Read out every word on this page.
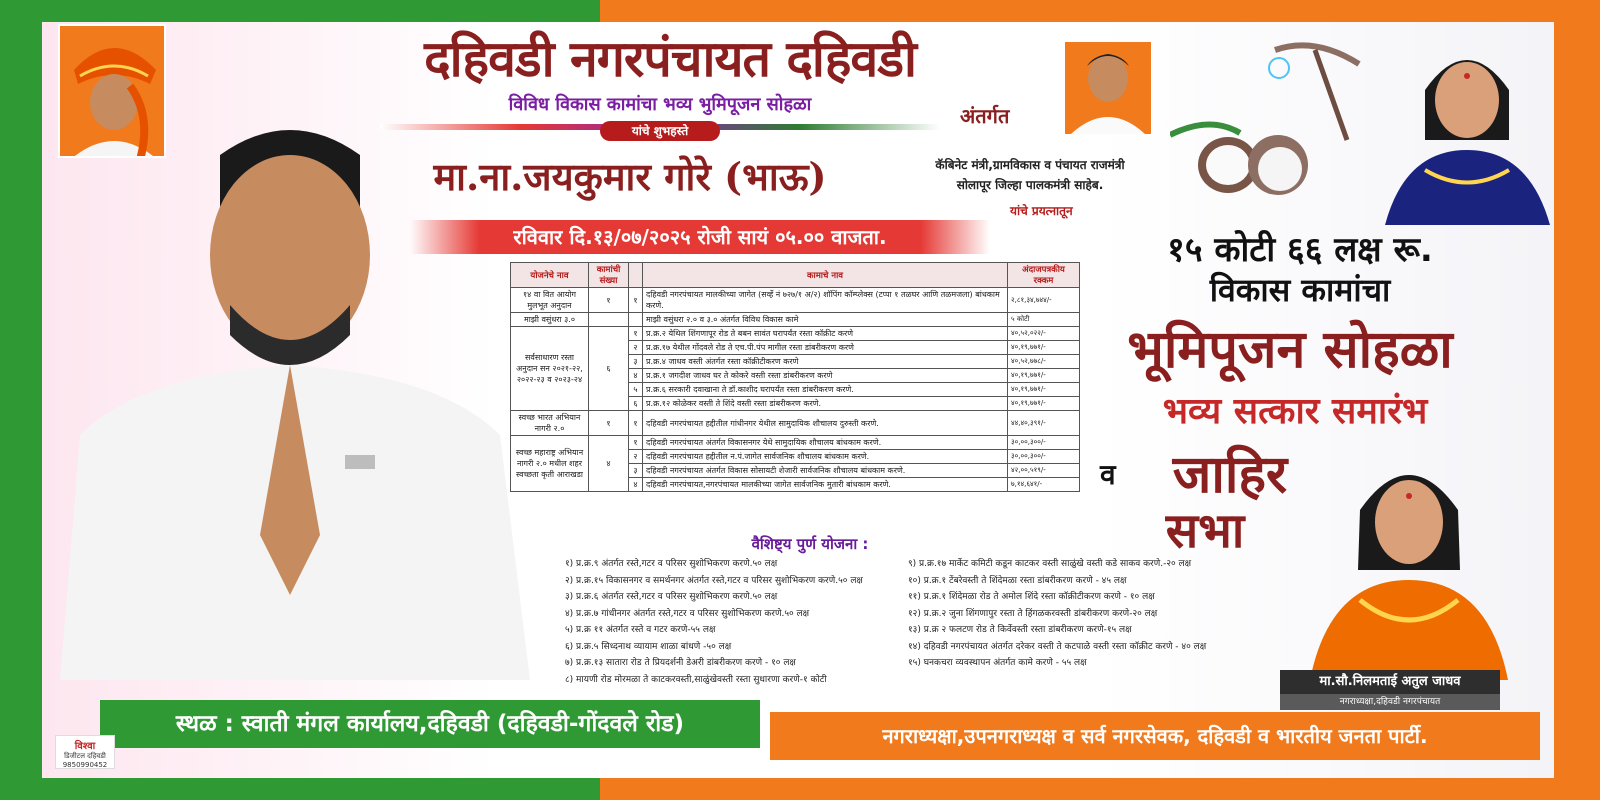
दहिवडी नगरपंचायत दहिवडी
विविध विकास कामांचा भव्य भुमिपूजन सोहळा	अंतर्गत
यांचे शुभहस्ते
मा.ना.जयकुमार गोरे (भाऊ)	कॅबिनेट मंत्री,ग्रामविकास व पंचायत राजमंत्री
सोलापूर जिल्हा पालकमंत्री साहेब.
यांचे प्रयत्नातून
रविवार दि.१३/०७/२०२५ रोजी सायं ०५.०० वाजता.
योजनेचे नाव	कामांची संख्या		कामाचे नाव	अंदाजपत्रकीय रक्कम
१४ वा वित आयोग मुलभूत अनुदान	१	१	दहिवडी नगरपंचायत मालकीच्या जागेत (सर्व्हे नं ७२७/१ अ/२) शॉपिंग कॉम्प्लेक्स (टप्पा १ तळघर आणि तळमजला) बांधकाम करणे.	२,८१,३४,७४४/-
माझी वसुंधरा ३.०			माझी वसुंधरा २.० व ३.० अंतर्गत विविध विकास कामे	५ कोटी
सर्वसाधारण रस्ता अनुदान सन २०२१-२२, २०२२-२३ व २०२३-२४	६	१	प्र.क्र.२ येथिल शिंगणापूर रोड ते बबन सावंत घरापर्यंत रस्ता कॉक्रीट करणे	४०,५२,०२२/-
		२	प्र.क्र.१७ येथील गोंदवले रोड ते एच.पी.पंप मागील रस्ता डांबरीकरण करणे	४०,१९,७७१/-
		३	प्र.क्र.४ जाधव वस्ती अंतर्गत रस्ता कॉक्रीटीकरण करणे	४०,५२,७७८/-
		४	प्र.क्र.१ जगदीश जाधव घर ते कोकरे वस्ती रस्ता डांबरीकरण करणे	४०,१९,७७१/-
		५	प्र.क्र.६ सरकारी दवाखाना ते डॉ.काशीद घरापर्यंत रस्ता डांबरीकरण करणे.	४०,१९,७७१/-
		६	प्र.क्र.१२ कोळेकर वस्ती ते शिंदे वस्ती रस्ता डांबरीकरण करणे.	४०,१९,७७१/-
स्वच्छ भारत अभियान नागरी २.०	१	१	दहिवडी नगरपंचायत हद्दीतील गांधीनगर येथील सामुदायिक शौचालय दुरुस्ती करणे.	४४,४०,३९१/-
स्वच्छ महाराष्ट्र अभियान नागरी २.० मधील शहर स्वच्छता कृती आराखडा	४	१	दहिवडी नगरपंचायत अंतर्गत विकासनगर येथे सामुदायिक शौचालय बांधकाम करणे.	३०,००,३००/-
		२	दहिवडी नगरपंचायत हद्दीतील न.पं.जागेत सार्वजनिक शौचालय बांधकाम करणे.	३०,००,३००/-
		३	दहिवडी नगरपंचायत अंतर्गत विकास सोसायटी शेजारी सार्वजनिक शौचालय बांधकाम करणे.	४२,००,५१९/-
		४	दहिवडी नगरपंचायत,नगरपंचायत मालकीच्या जागेत सार्वजनिक मुतारी बांधकाम करणे.	७,१४,६४१/-
वैशिष्ट्य पुर्ण योजना :
१) प्र.क्र.९ अंतर्गत रस्ते,गटर व परिसर सुशोभिकरण करणे.५० लक्ष
२) प्र.क्र.१५ विकासनगर व समर्थनगर अंतर्गत रस्ते,गटर व परिसर सुशोभिकरण करणे.५० लक्ष
३) प्र.क्र.६ अंतर्गत रस्ते,गटर व परिसर सुशोभिकरण करणे.५० लक्ष
४) प्र.क्र.७ गांधीनगर अंतर्गत रस्ते,गटर व परिसर सुशोभिकरण करणे.५० लक्ष
५) प्र.क्र ११ अंतर्गत रस्ते व गटर करणे-५५ लक्ष
६) प्र.क्र.५ सिध्दनाथ व्यायाम शाळा बांधणे -५० लक्ष
७) प्र.क्र.१३ सातारा रोड ते प्रियदर्शनी डेअरी डांबरीकरण करणे - १० लक्ष
८) मायणी रोड मोरमळा ते काटकरवस्ती,साळुंखेवस्ती रस्ता सुधारणा करणे-१ कोटी
९) प्र.क्र.१७ मार्केट कमिटी कडून काटकर वस्ती साळुंखे वस्ती कडे साकव करणे.-२० लक्ष
१०) प्र.क्र.१ टेंबरेवस्ती ते शिंदेमळा रस्ता डांबरीकरण करणे - ४५ लक्ष
११) प्र.क्र.१ शिंदेमळा रोड ते अमोल शिंदे रस्ता कॉक्रीटीकरण करणे - १० लक्ष
१२) प्र.क्र.२ जुना शिंगणापुर रस्ता ते हिंगळकरवस्ती डांबरीकरण करणे-२० लक्ष
१३) प्र.क्र २ फलटण रोड ते किर्वेवस्ती रस्ता डांबरीकरण करणे-१५ लक्ष
१४) दहिवडी नगरपंचायत अंतर्गत दरेकर वस्ती ते कटपाळे वस्ती रस्ता कॉक्रीट करणे - ४० लक्ष
१५) घनकचरा व्यवस्थापन अंतर्गत कामे करणे - ५५ लक्ष
१५ कोटी ६६ लक्ष रू.
विकास कामांचा
भूमिपूजन सोहळा
भव्य सत्कार समारंभ
व	जाहिर
सभा
मा.सौ.निलमताई अतुल जाधव
नगराध्यक्षा,दहिवडी नगरपंचायत
स्थळ : स्वाती मंगल कार्यालय,दहिवडी (दहिवडी-गोंदवले रोड)	नगराध्यक्षा,उपनगराध्यक्ष व सर्व नगरसेवक, दहिवडी व भारतीय जनता पार्टी.
विश्वा
डिजीटल दहिवडी
9850990452
